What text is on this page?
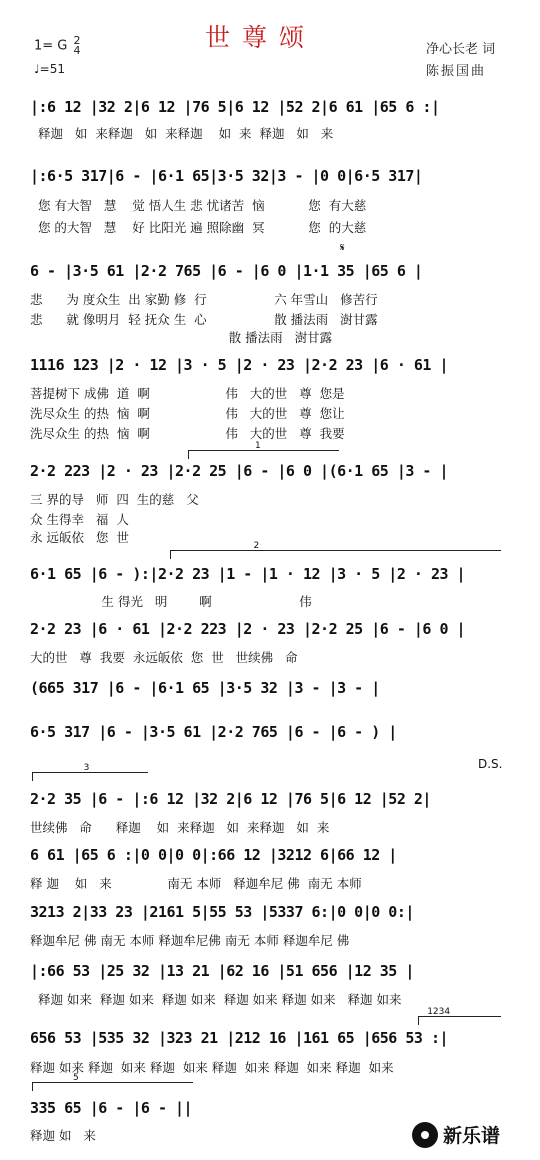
世尊颂
1= G 2
4
♩=51
净心长老 词
陈振国曲
|:6 12 |32 2|6 12 |76 5|6 12 |52 2|6 61 |65 6 :|
释迦   如  来释迦   如  来释迦    如  来  释迦   如   来
|:6·5 317|6 - |6·1 65|3·5 32|3 - |0 0|6·5 317|
您 有大智   慧    觉 悟人生 悲 忧诸苦  恼           您  有大慈
您 的大智   慧    好 比阳光 遍 照除幽  冥           您  的大慈
𝄋
6 - |3·5 61 |2·2 765 |6 - |6 0 |1·1 35 |65 6 |
悲      为 度众生  出 家勤 修  行                 六 年雪山   修苦行
悲      就 像明月  轻 抚众 生  心                 散 播法雨   澍甘露
散 播法雨   澍甘露
1116 123 |2 · 12 |3 · 5 |2 · 23 |2·2 23 |6 · 61 |
菩提树下 成佛  道  啊                   伟   大的世   尊  您是
洗尽众生 的热  恼  啊                   伟   大的世   尊  您让
洗尽众生 的热  恼  啊                   伟   大的世   尊  我要
1
2·2 223 |2 · 23 |2·2 25 |6 - |6 0 |(6·1 65 |3 - |
三 界的导   师  四  生的慈   父
众 生得幸   福  人
永 远皈依   您  世
2
6·1 65 |6 - ):|2·2 23 |1 - |1 · 12 |3 · 5 |2 · 23 |
生 得光   明        啊                      伟
2·2 23 |6 · 61 |2·2 223 |2 · 23 |2·2 25 |6 - |6 0 |
大的世   尊  我要  永远皈依  您  世   世续佛   命
(665 317 |6 - |6·1 65 |3·5 32 |3 - |3 - |
6·5 317 |6 - |3·5 61 |2·2 765 |6 - |6 - ) |
D.S.
3
2·2 35 |6 - |:6 12 |32 2|6 12 |76 5|6 12 |52 2|
世续佛   命      释迦    如  来释迦   如  来释迦   如  来
6 61 |65 6 :|0 0|0 0|:66 12 |3212 6|66 12 |
释 迦    如   来              南无 本师   释迦牟尼 佛  南无 本师
3213 2|33 23 |2161 5|55 53 |5337 6:|0 0|0 0:|
释迦牟尼 佛 南无 本师 释迦牟尼佛 南无 本师 释迦牟尼 佛
|:66 53 |25 32 |13 21 |62 16 |51 656 |12 35 |
释迦 如来  释迦 如来  释迦 如来  释迦 如来 释迦 如来   释迦 如来
1234
656 53 |535 32 |323 21 |212 16 |161 65 |656 53 :|
释迦 如来 释迦  如来 释迦  如来 释迦  如来 释迦  如来 释迦  如来
5
335 65 |6 - |6 - ||
释迦 如   来	新乐谱
